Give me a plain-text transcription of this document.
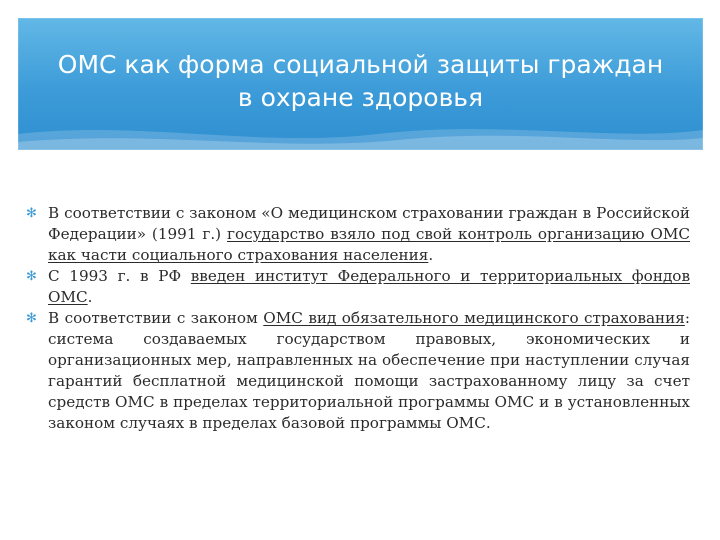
ОМС как форма социальной защиты граждан
в охране здоровья
✻ В соответствии с законом «О медицинском страховании граждан в Российской Федерации» (1991 г.) государство взяло под свой контроль организацию ОМС как части социального страхования населения.
✻ С 1993 г. в РФ введен институт Федерального и территориальных фондов ОМС.
✻ В соответствии с законом ОМС вид обязательного медицинского страхования: система создаваемых государством правовых, экономических и организационных мер, направленных на обеспечение при наступлении случая гарантий бесплатной медицинской помощи застрахованному лицу за счет средств ОМС в пределах территориальной программы ОМС и в установленных законом случаях в пределах базовой программы ОМС.
